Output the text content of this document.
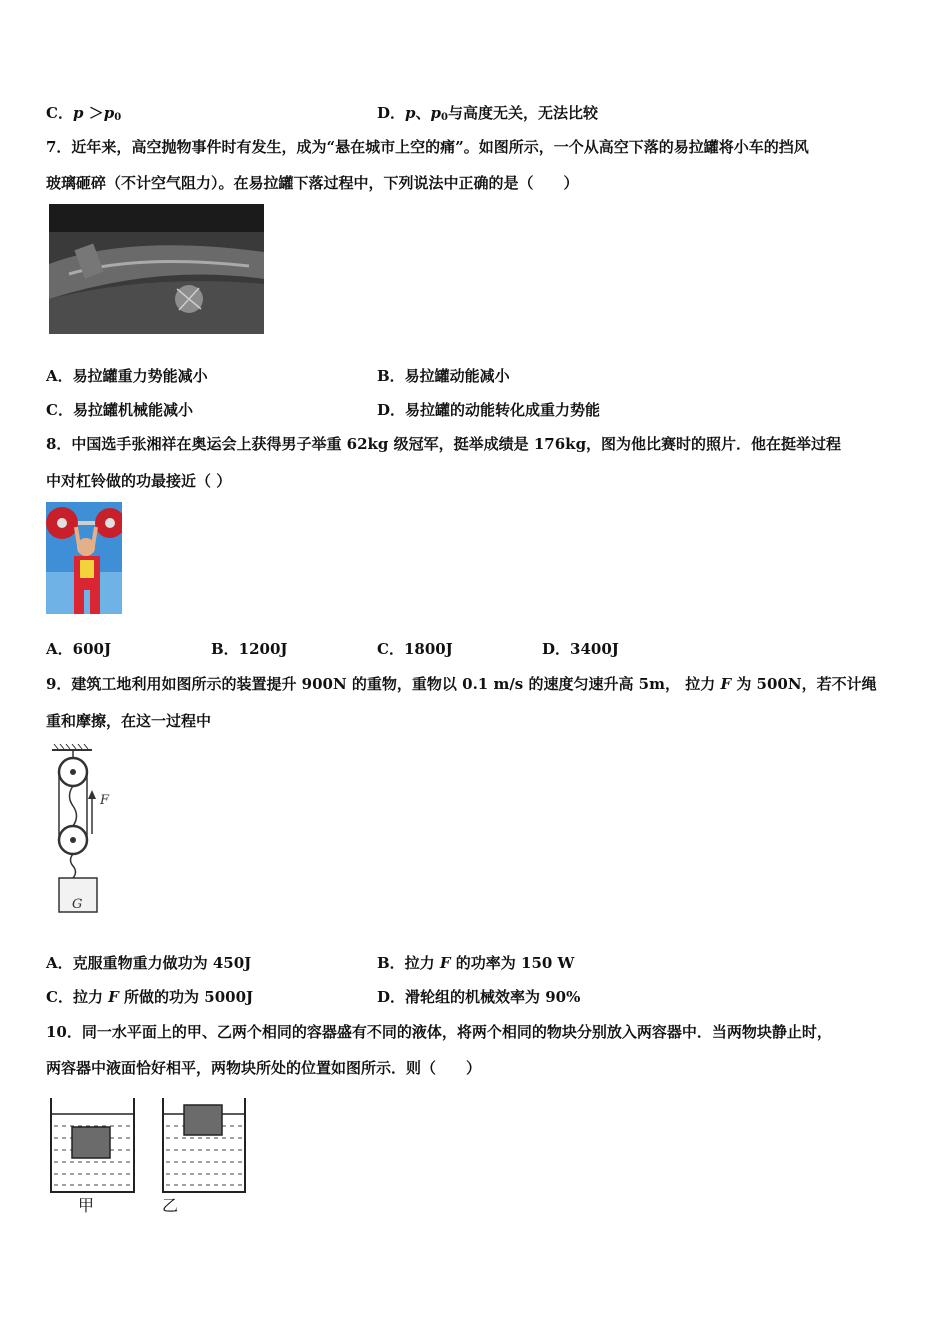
C．$p >p_0$	D．p、$p_0$与高度无关，无法比较
7．近年来，高空抛物事件时有发生，成为“悬在城市上空的痛”。如图所示，一个从高空下落的易拉罐将小车的挡风
玻璃砸碎（不计空气阻力）。在易拉罐下落过程中，下列说法中正确的是（　　）
A．易拉罐重力势能减小	B．易拉罐动能减小
C．易拉罐机械能减小	D．易拉罐的动能转化成重力势能
8．中国选手张湘祥在奥运会上获得男子举重 62kg 级冠军，挺举成绩是 176kg，图为他比赛时的照片．他在挺举过程
中对杠铃做的功最接近（ ）
A．600J	B．1200J	C．1800J	D．3400J
9．建筑工地利用如图所示的装置提升 900N 的重物，重物以 0.1 m/s 的速度匀速升高 5m， 拉力 F 为 500N，若不计绳
重和摩擦，在这一过程中
F
G
A．克服重物重力做功为 450J	B．拉力 F 的功率为 150 W
C．拉力 F 所做的功为 5000J	D．滑轮组的机械效率为 90%
10．同一水平面上的甲、乙两个相同的容器盛有不同的液体，将两个相同的物块分别放入两容器中．当两物块静止时，
两容器中液面恰好相平，两物块所处的位置如图所示．则（　　）
甲	乙
